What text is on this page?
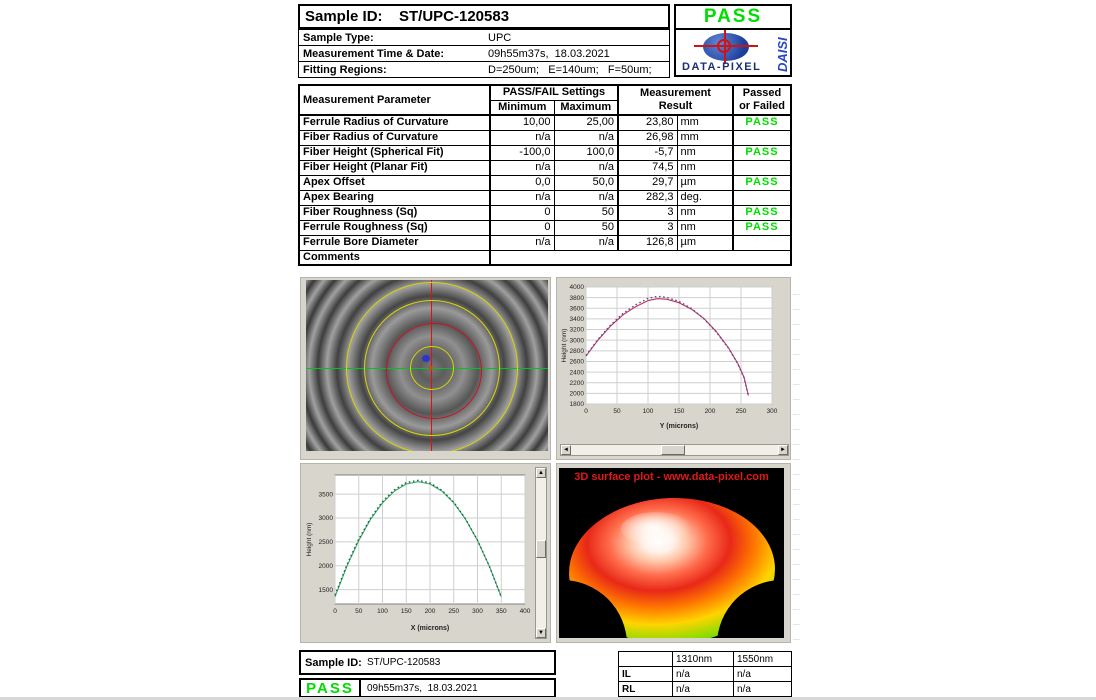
Sample ID:	ST/UPC-120583
Sample Type:	UPC
Measurement Time & Date:	09h55m37s,  18.03.2021
Fitting Regions:	D=250um;   E=140um;   F=50um;
PASS
DATA-PIXEL DAISI
Measurement Parameter	PASS/FAIL Settings	Measurement
Result

Passed
or Failed

	Minimum	Maximum			
Ferrule Radius of Curvature	10,00	25,00	23,80	mm	PASS
Fiber Radius of Curvature	n/a	n/a	26,98	mm	
Fiber Height (Spherical Fit)	-100,0	100,0	-5,7	nm	PASS
Fiber Height (Planar Fit)	n/a	n/a	74,5	nm	
Apex Offset	0,0	50,0	29,7	µm	PASS
Apex Bearing	n/a	n/a	282,3	deg.	
Fiber Roughness (Sq)	0	50	3	nm	PASS
Ferrule Roughness (Sq)	0	50	3	nm	PASS
Ferrule Bore Diameter	n/a	n/a	126,8	µm	
Comments					
0	50	100	150	200	250	300
1800
2000
2200
2400
2600
2800
3000
3200
3400
3600
3800
4000
Y (microns)
Height (nm)
◄	►
0	50 100 150 200 250 300 350 400
1500
2000
2500
3000
3500
X (microns)
Height (nm)
▲
▼
3D surface plot - www.data-pixel.com
Sample ID: ST/UPC-120583
PASS	09h55m37s,  18.03.2021
	1310nm	1550nm
IL	n/a	n/a
RL	n/a	n/a
